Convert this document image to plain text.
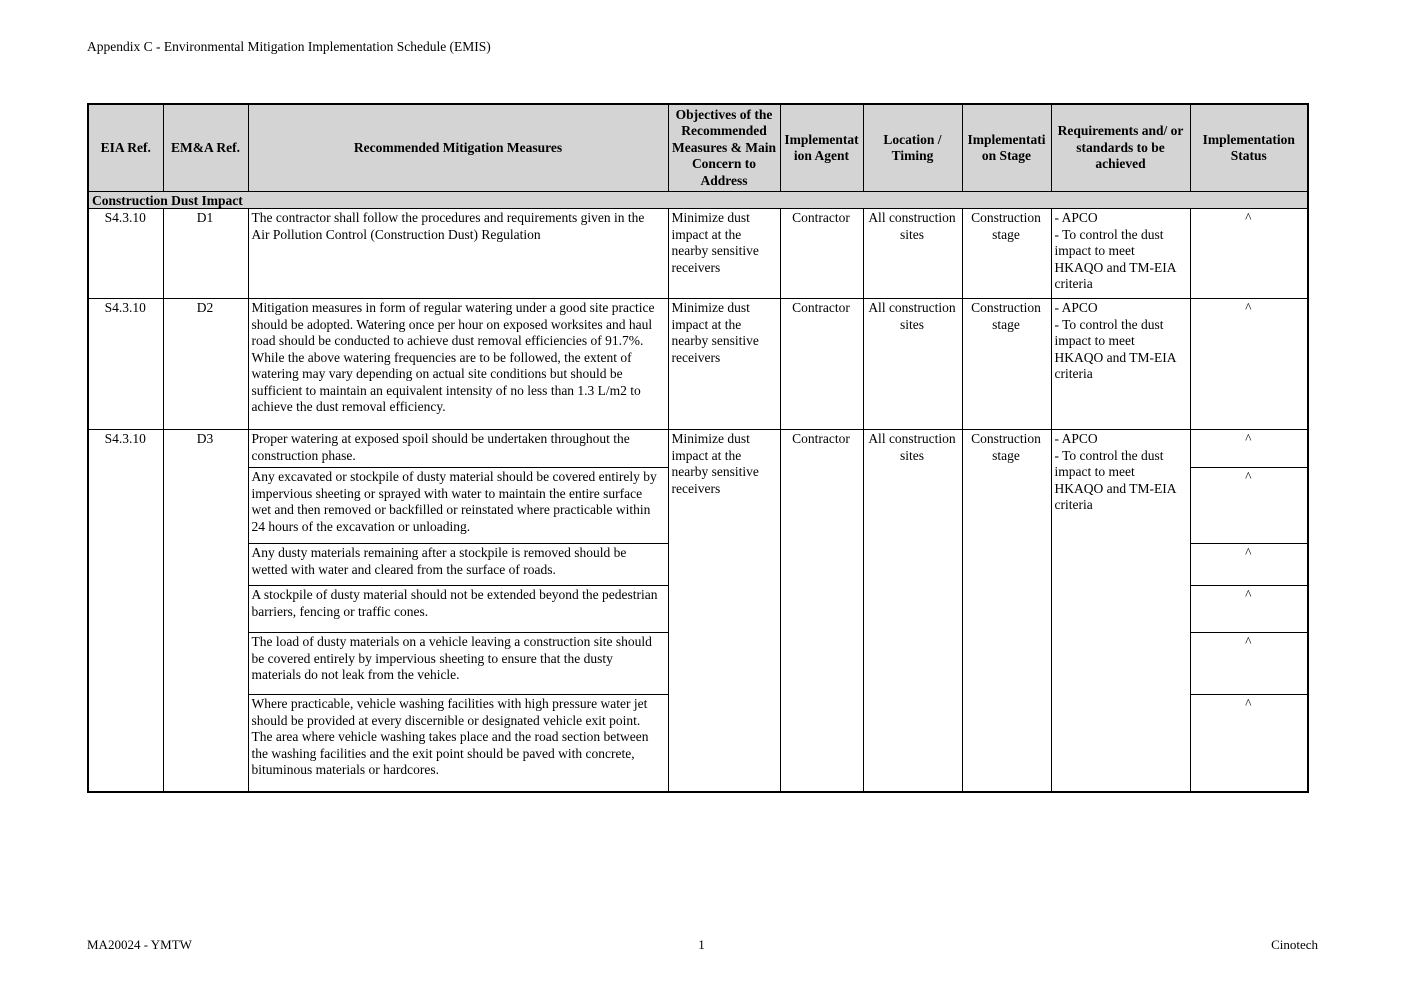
Appendix C - Environmental Mitigation Implementation Schedule (EMIS)
EIA Ref.	EM&A Ref.	Recommended Mitigation Measures	Objectives of the Recommended Measures & Main Concern to Address	Implementation Agent	Location / Timing	Implementation Stage	Requirements and/ or standards to be achieved	Implementation Status
Construction Dust Impact								
S4.3.10	D1	The contractor shall follow the procedures and requirements given in the Air Pollution Control (Construction Dust) Regulation	Minimize dust impact at the nearby sensitive receivers	Contractor	All construction sites	Construction stage	- APCO
- To control the dust impact to meet HKAQO and TM-EIA criteria	^
S4.3.10	D2	Mitigation measures in form of regular watering under a good site practice should be adopted. Watering once per hour on exposed worksites and haul road should be conducted to achieve dust removal efficiencies of 91.7%. While the above watering frequencies are to be followed, the extent of watering may vary depending on actual site conditions but should be sufficient to maintain an equivalent intensity of no less than 1.3 L/m2 to achieve the dust removal efficiency.	Minimize dust impact at the nearby sensitive receivers	Contractor	All construction sites	Construction stage	- APCO
- To control the dust impact to meet HKAQO and TM-EIA criteria	^
S4.3.10	D3	Proper watering at exposed spoil should be undertaken throughout the construction phase.	Minimize dust impact at the nearby sensitive receivers	Contractor	All construction sites	Construction stage	- APCO
- To control the dust impact to meet HKAQO and TM-EIA criteria	^
		Any excavated or stockpile of dusty material should be covered entirely by impervious sheeting or sprayed with water to maintain the entire surface wet and then removed or backfilled or reinstated where practicable within 24 hours of the excavation or unloading.						^
		Any dusty materials remaining after a stockpile is removed should be wetted with water and cleared from the surface of roads.						^
		A stockpile of dusty material should not be extended beyond the pedestrian barriers, fencing or traffic cones.						^
		The load of dusty materials on a vehicle leaving a construction site should be covered entirely by impervious sheeting to ensure that the dusty materials do not leak from the vehicle.						^
		Where practicable, vehicle washing facilities with high pressure water jet should be provided at every discernible or designated vehicle exit point. The area where vehicle washing takes place and the road section between the washing facilities and the exit point should be paved with concrete, bituminous materials or hardcores.						^
1
MA20024 - YMTW	Cinotech
